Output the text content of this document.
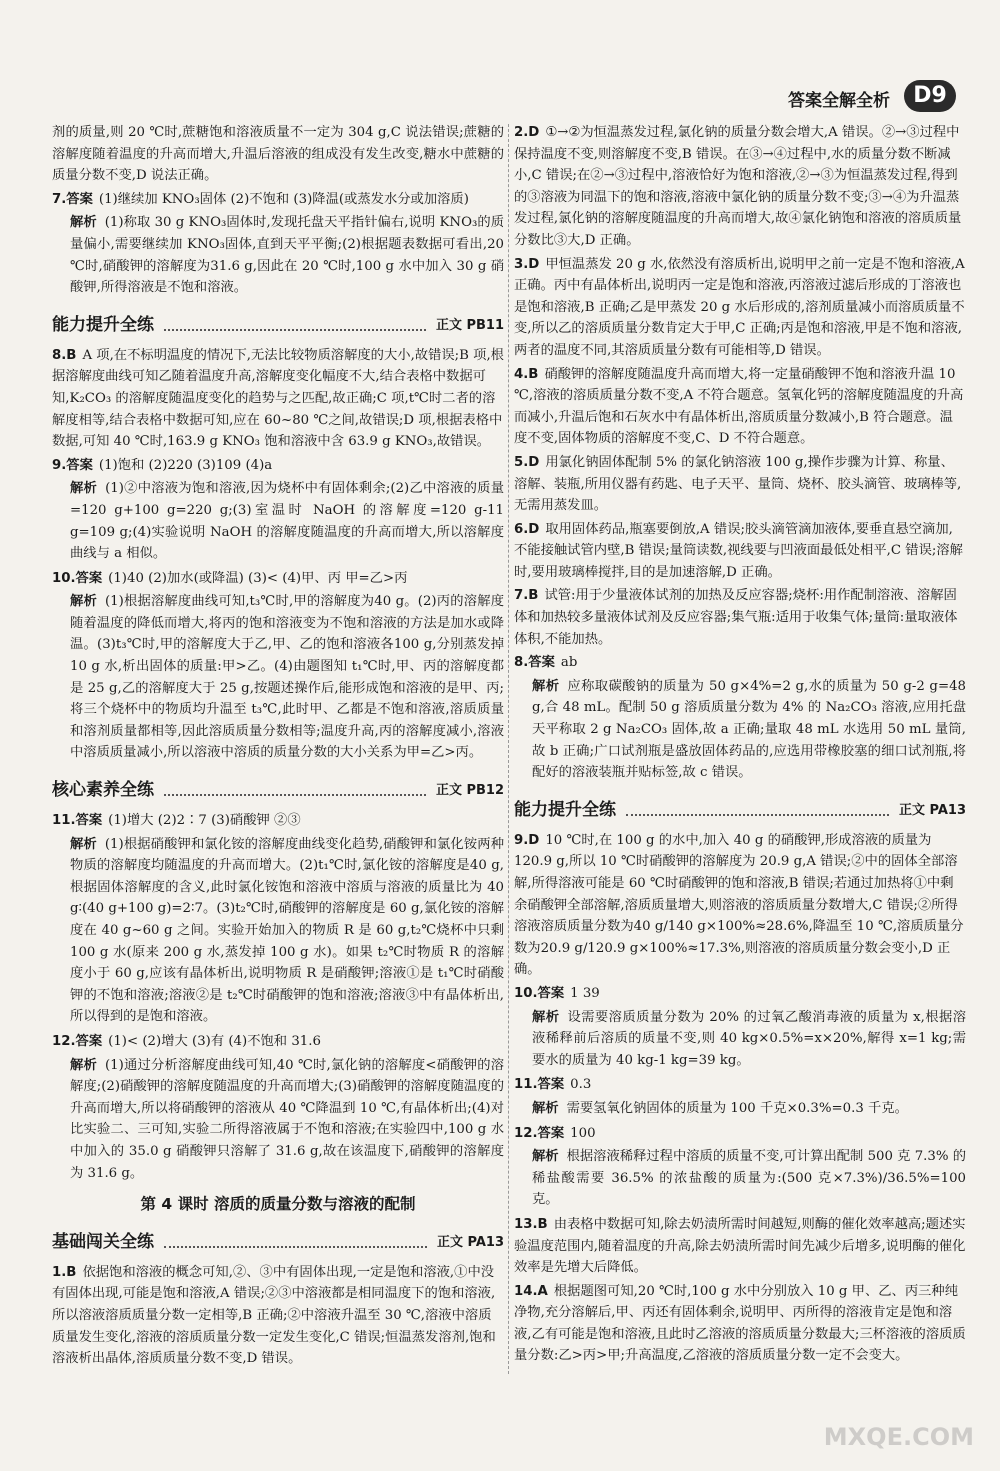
答案全解全析	D9

剂的质量,则 20 ℃时,蔗糖饱和溶液质量不一定为 304 g,C 说法错误;蔗糖的溶解度随着温度的升高而增大,升温后溶液的组成没有发生改变,糖水中蔗糖的质量分数不变,D 说法正确。

7.答案 (1)继续加 KNO₃固体 (2)不饱和 (3)降温(或蒸发水分或加溶质)

解析 (1)称取 30 g KNO₃固体时,发现托盘天平指针偏右,说明 KNO₃的质量偏小,需要继续加 KNO₃固体,直到天平平衡;(2)根据题表数据可看出,20 ℃时,硝酸钾的溶解度为31.6 g,因此在 20 ℃时,100 g 水中加入 30 g 硝酸钾,所得溶液是不饱和溶液。

能力提升全练	正文 PB11
8.B A 项,在不标明温度的情况下,无法比较物质溶解度的大小,故错误;B 项,根据溶解度曲线可知乙随着温度升高,溶解度变化幅度不大,结合表格中数据可知,K₂CO₃ 的溶解度随温度变化的趋势与之匹配,故正确;C 项,t℃时二者的溶解度相等,结合表格中数据可知,应在 60~80 ℃之间,故错误;D 项,根据表格中数据,可知 40 ℃时,163.9 g KNO₃ 饱和溶液中含 63.9 g KNO₃,故错误。
9.答案 (1)饱和 (2)220 (3)109 (4)a

解析 (1)②中溶液为饱和溶液,因为烧杯中有固体剩余;(2)乙中溶液的质量=120 g+100 g=220 g;(3)室温时 NaOH 的溶解度=120 g-11 g=109 g;(4)实验说明 NaOH 的溶解度随温度的升高而增大,所以溶解度曲线与 a 相似。

10.答案 (1)40 (2)加水(或降温) (3)< (4)甲、丙 甲=乙>丙

解析 (1)根据溶解度曲线可知,t₃℃时,甲的溶解度为40 g。(2)丙的溶解度随着温度的降低而增大,将丙的饱和溶液变为不饱和溶液的方法是加水或降温。(3)t₃℃时,甲的溶解度大于乙,甲、乙的饱和溶液各100 g,分别蒸发掉10 g 水,析出固体的质量:甲>乙。(4)由题图知 t₁℃时,甲、丙的溶解度都是 25 g,乙的溶解度大于 25 g,按题述操作后,能形成饱和溶液的是甲、丙;将三个烧杯中的物质均升温至 t₃℃,此时甲、乙都是不饱和溶液,溶质质量和溶剂质量都相等,因此溶质质量分数相等;温度升高,丙的溶解度减小,溶液中溶质质量减小,所以溶液中溶质的质量分数的大小关系为甲=乙>丙。

核心素养全练	正文 PB12
11.答案 (1)增大 (2)2∶7 (3)硝酸钾 ②③

解析 (1)根据硝酸钾和氯化铵的溶解度曲线变化趋势,硝酸钾和氯化铵两种物质的溶解度均随温度的升高而增大。(2)t₁℃时,氯化铵的溶解度是40 g,根据固体溶解度的含义,此时氯化铵饱和溶液中溶质与溶液的质量比为 40 g∶(40 g+100 g)=2∶7。(3)t₂℃时,硝酸钾的溶解度是 60 g,氯化铵的溶解度在 40 g~60 g 之间。实验开始加入的物质 R 是 60 g,t₂℃烧杯中只剩 100 g 水(原来 200 g 水,蒸发掉 100 g 水)。如果 t₂℃时物质 R 的溶解度小于 60 g,应该有晶体析出,说明物质 R 是硝酸钾;溶液①是 t₁℃时硝酸钾的不饱和溶液;溶液②是 t₂℃时硝酸钾的饱和溶液;溶液③中有晶体析出,所以得到的是饱和溶液。

12.答案 (1)< (2)增大 (3)有 (4)不饱和 31.6

解析 (1)通过分析溶解度曲线可知,40 ℃时,氯化钠的溶解度<硝酸钾的溶解度;(2)硝酸钾的溶解度随温度的升高而增大;(3)硝酸钾的溶解度随温度的升高而增大,所以将硝酸钾的溶液从 40 ℃降温到 10 ℃,有晶体析出;(4)对比实验二、三可知,实验二所得溶液属于不饱和溶液;在实验四中,100 g 水中加入的 35.0 g 硝酸钾只溶解了 31.6 g,故在该温度下,硝酸钾的溶解度为 31.6 g。

第 4 课时 溶质的质量分数与溶液的配制
基础闯关全练	正文 PA13
1.B 依据饱和溶液的概念可知,②、③中有固体出现,一定是饱和溶液,①中没有固体出现,可能是饱和溶液,A 错误;②③中溶液都是相同温度下的饱和溶液,所以溶液溶质质量分数一定相等,B 正确;②中溶液升温至 30 ℃,溶液中溶质质量发生变化,溶液的溶质质量分数一定发生变化,C 错误;恒温蒸发溶剂,饱和溶液析出晶体,溶质质量分数不变,D 错误。
2.D ①→②为恒温蒸发过程,氯化钠的质量分数会增大,A 错误。②→③过程中保持温度不变,则溶解度不变,B 错误。在③→④过程中,水的质量分数不断减小,C 错误;在②→③过程中,溶液恰好为饱和溶液,②→③为恒温蒸发过程,得到的③溶液为同温下的饱和溶液,溶液中氯化钠的质量分数不变;③→④为升温蒸发过程,氯化钠的溶解度随温度的升高而增大,故④氯化钠饱和溶液的溶质质量分数比③大,D 正确。
3.D 甲恒温蒸发 20 g 水,依然没有溶质析出,说明甲之前一定是不饱和溶液,A 正确。丙中有晶体析出,说明丙一定是饱和溶液,丙溶液过滤后形成的丁溶液也是饱和溶液,B 正确;乙是甲蒸发 20 g 水后形成的,溶剂质量减小而溶质质量不变,所以乙的溶质质量分数肯定大于甲,C 正确;丙是饱和溶液,甲是不饱和溶液,两者的温度不同,其溶质质量分数有可能相等,D 错误。
4.B 硝酸钾的溶解度随温度升高而增大,将一定量硝酸钾不饱和溶液升温 10 ℃,溶液的溶质质量分数不变,A 不符合题意。氢氧化钙的溶解度随温度的升高而减小,升温后饱和石灰水中有晶体析出,溶质质量分数减小,B 符合题意。温度不变,固体物质的溶解度不变,C、D 不符合题意。
5.D 用氯化钠固体配制 5% 的氯化钠溶液 100 g,操作步骤为计算、称量、溶解、装瓶,所用仪器有药匙、电子天平、量筒、烧杯、胶头滴管、玻璃棒等,无需用蒸发皿。
6.D 取用固体药品,瓶塞要倒放,A 错误;胶头滴管滴加液体,要垂直悬空滴加,不能接触试管内壁,B 错误;量筒读数,视线要与凹液面最低处相平,C 错误;溶解时,要用玻璃棒搅拌,目的是加速溶解,D 正确。
7.B 试管:用于少量液体试剂的加热及反应容器;烧杯:用作配制溶液、溶解固体和加热较多量液体试剂及反应容器;集气瓶:适用于收集气体;量筒:量取液体体积,不能加热。
8.答案 ab

解析 应称取碳酸钠的质量为 50 g×4%=2 g,水的质量为 50 g-2 g=48 g,合 48 mL。配制 50 g 溶质质量分数为 4% 的 Na₂CO₃ 溶液,应用托盘天平称取 2 g Na₂CO₃ 固体,故 a 正确;量取 48 mL 水选用 50 mL 量筒,故 b 正确;广口试剂瓶是盛放固体药品的,应选用带橡胶塞的细口试剂瓶,将配好的溶液装瓶并贴标签,故 c 错误。

能力提升全练	正文 PA13
9.D 10 ℃时,在 100 g 的水中,加入 40 g 的硝酸钾,形成溶液的质量为 120.9 g,所以 10 ℃时硝酸钾的溶解度为 20.9 g,A 错误;②中的固体全部溶解,所得溶液可能是 60 ℃时硝酸钾的饱和溶液,B 错误;若通过加热将①中剩余硝酸钾全部溶解,溶质质量增大,则溶液的溶质质量分数增大,C 错误;②所得溶液溶质质量分数为40 g/140 g×100%≈28.6%,降温至 10 ℃,溶质质量分数为20.9 g/120.9 g×100%≈17.3%,则溶液的溶质质量分数会变小,D 正确。
10.答案 1 39

解析 设需要溶质质量分数为 20% 的过氧乙酸消毒液的质量为 x,根据溶液稀释前后溶质的质量不变,则 40 kg×0.5%=x×20%,解得 x=1 kg;需要水的质量为 40 kg-1 kg=39 kg。

11.答案 0.3

解析 需要氢氧化钠固体的质量为 100 千克×0.3%=0.3 千克。

12.答案 100

解析 根据溶液稀释过程中溶质的质量不变,可计算出配制 500 克 7.3% 的稀盐酸需要 36.5% 的浓盐酸的质量为:(500 克×7.3%)/36.5%=100 克。

13.B 由表格中数据可知,除去奶渍所需时间越短,则酶的催化效率越高;题述实验温度范围内,随着温度的升高,除去奶渍所需时间先减少后增多,说明酶的催化效率是先增大后降低。
14.A 根据题图可知,20 ℃时,100 g 水中分别放入 10 g 甲、乙、丙三种纯净物,充分溶解后,甲、丙还有固体剩余,说明甲、丙所得的溶液肯定是饱和溶液,乙有可能是饱和溶液,且此时乙溶液的溶质质量分数最大;三杯溶液的溶质质量分数:乙>丙>甲;升高温度,乙溶液的溶质质量分数一定不会变大。
MXQE.COM
